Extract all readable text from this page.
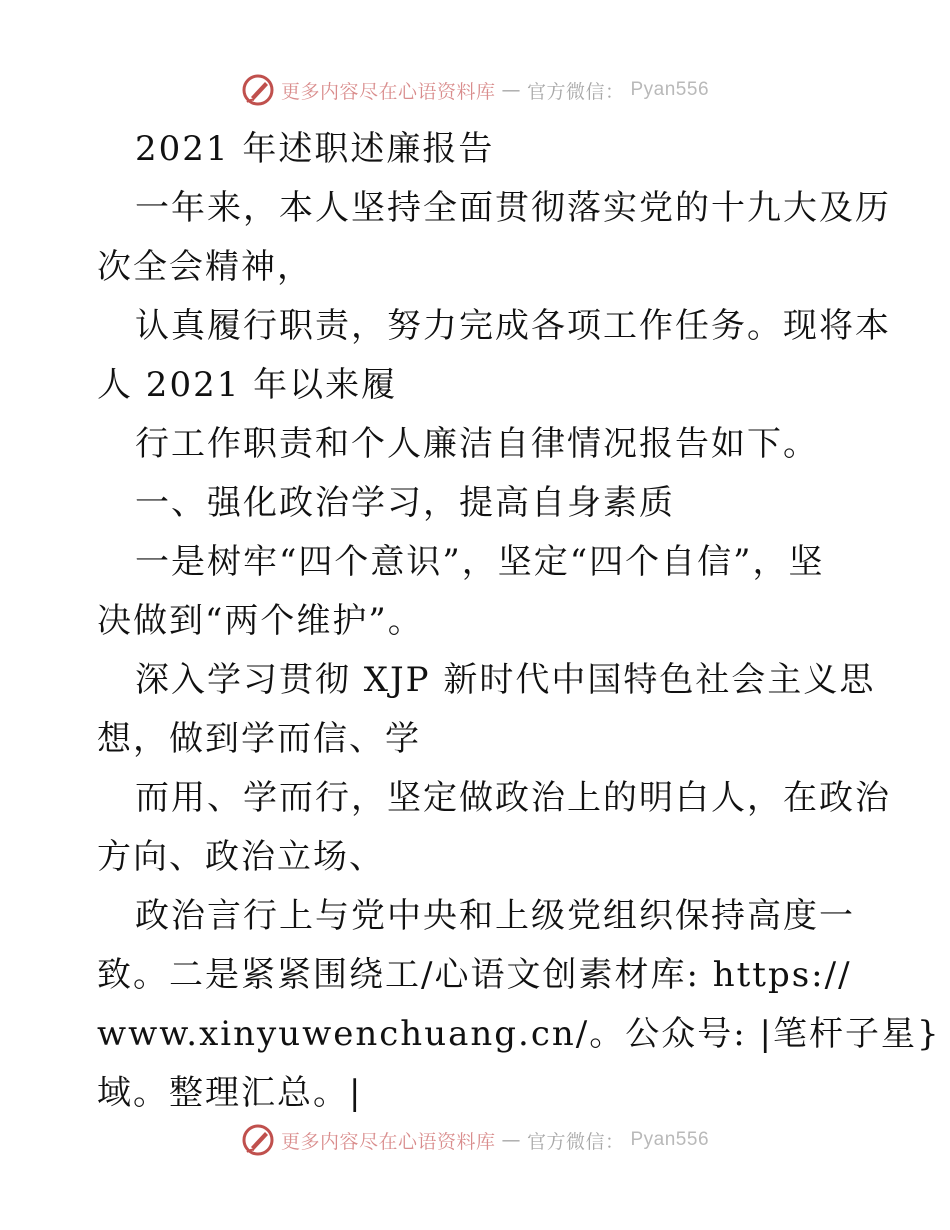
更多内容尽在心语资料库 — 官方微信： Pyan556
2021 年述职述廉报告
一年来，本人坚持全面贯彻落实党的十九大及历
次全会精神，
认真履行职责，努力完成各项工作任务。现将本
人 2021 年以来履
行工作职责和个人廉洁自律情况报告如下。
一、强化政治学习，提高自身素质
一是树牢“四个意识”，坚定“四个自信”，坚
决做到“两个维护”。
深入学习贯彻 XJP 新时代中国特色社会主义思
想，做到学而信、学
而用、学而行，坚定做政治上的明白人，在政治
方向、政治立场、
政治言行上与党中央和上级党组织保持高度一
致。二是紧紧围绕工/心语文创素材库: https://
www.xinyuwenchuang.cn/。公众号: |笔杆子星}
域。整理汇总。|
更多内容尽在心语资料库 — 官方微信： Pyan556
